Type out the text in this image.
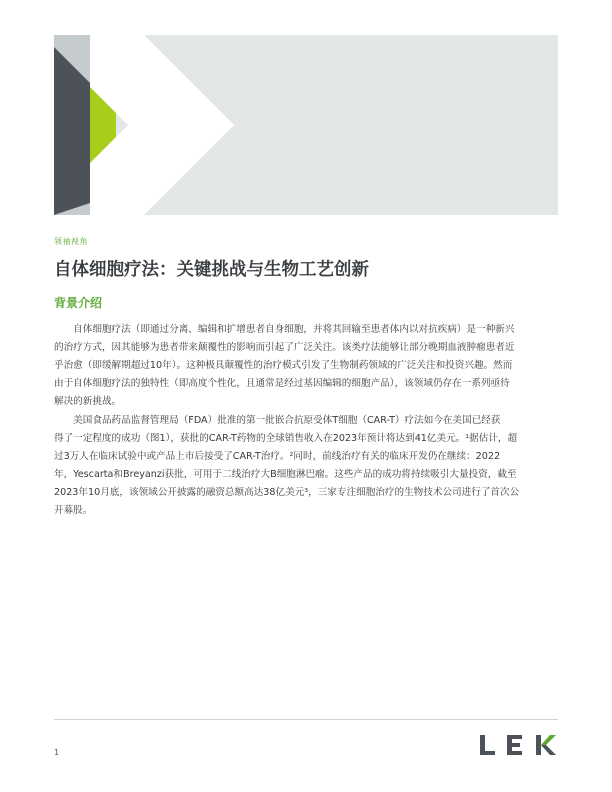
领袖视角
自体细胞疗法：关键挑战与生物工艺创新
背景介绍
　　自体细胞疗法（即通过分离、编辑和扩增患者自身细胞，并将其回输至患者体内以对抗疾病）是一种新兴
的治疗方式，因其能够为患者带来颠覆性的影响而引起了广泛关注。该类疗法能够让部分晚期血液肿瘤患者近
乎治愈（即缓解期超过10年）。这种极具颠覆性的治疗模式引发了生物制药领域的广泛关注和投资兴趣。然而
由于自体细胞疗法的独特性（即高度个性化，且通常是经过基因编辑的细胞产品），该领域仍存在一系列亟待
解决的新挑战。
　　美国食品药品监督管理局（FDA）批准的第一批嵌合抗原受体T细胞（CAR-T）疗法如今在美国已经获
得了一定程度的成功（图1），获批的CAR-T药物的全球销售收入在2023年预计将达到41亿美元。¹据估计，超
过3万人在临床试验中或产品上市后接受了CAR-T治疗。²同时，前线治疗有关的临床开发仍在继续：2022
年，Yescarta和Breyanzi获批，可用于二线治疗大B细胞淋巴瘤。这些产品的成功将持续吸引大量投资，截至
2023年10月底，该领域公开披露的融资总额高达38亿美元³，三家专注细胞治疗的生物技术公司进行了首次公
开募股。
1
